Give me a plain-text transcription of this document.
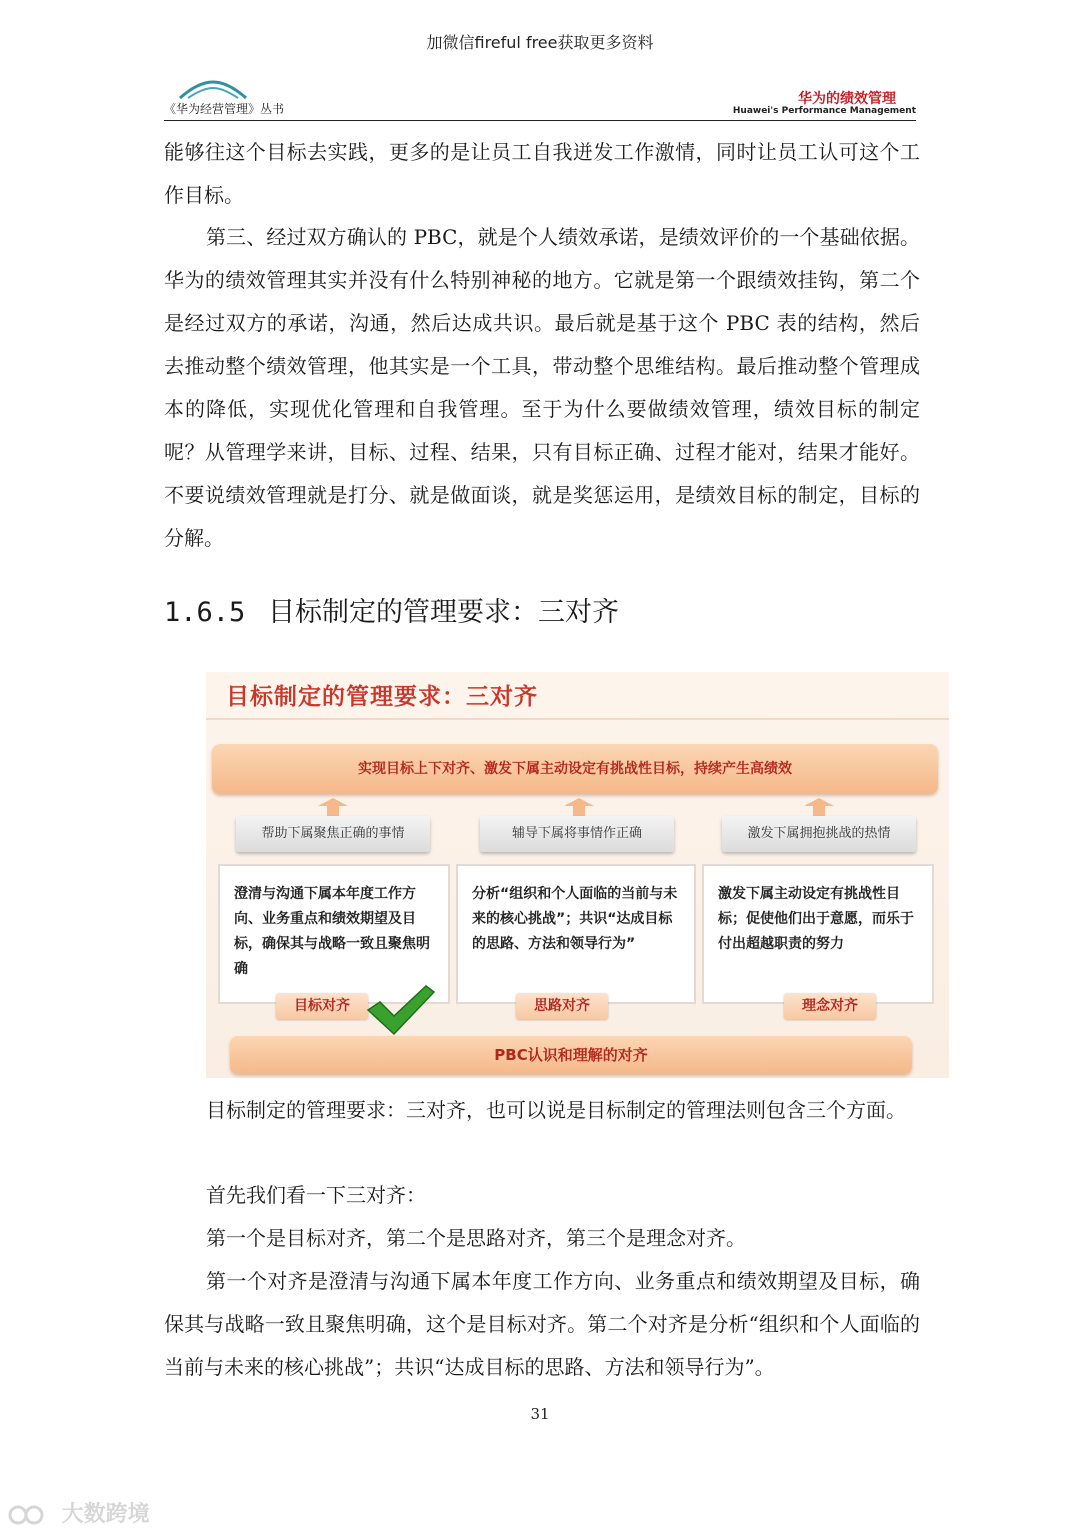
加微信fireful free获取更多资料
《华为经营管理》丛书
华为的绩效管理
Huawei's Performance Management

能够往这个目标去实践，更多的是让员工自我迸发工作激情，同时让员工认可这个工作目标。

第三、经过双方确认的 PBC，就是个人绩效承诺，是绩效评价的一个基础依据。华为的绩效管理其实并没有什么特别神秘的地方。它就是第一个跟绩效挂钩，第二个是经过双方的承诺，沟通，然后达成共识。最后就是基于这个 PBC 表的结构，然后去推动整个绩效管理，他其实是一个工具，带动整个思维结构。最后推动整个管理成本的降低，实现优化管理和自我管理。至于为什么要做绩效管理，绩效目标的制定呢？从管理学来讲，目标、过程、结果，只有目标正确、过程才能对，结果才能好。不要说绩效管理就是打分、就是做面谈，就是奖惩运用，是绩效目标的制定，目标的分解。

1.6.5 目标制定的管理要求：三对齐
目标制定的管理要求：三对齐
实现目标上下对齐、激发下属主动设定有挑战性目标，持续产生高绩效
帮助下属聚焦正确的事情	辅导下属将事情作正确	激发下属拥抱挑战的热情
澄清与沟通下属本年度工作方向、业务重点和绩效期望及目标，确保其与战略一致且聚焦明确
分析“组织和个人面临的当前与未来的核心挑战”；共识“达成目标的思路、方法和领导行为”
激发下属主动设定有挑战性目标；促使他们出于意愿，而乐于付出超越职责的努力
目标对齐	思路对齐	理念对齐
PBC认识和理解的对齐

目标制定的管理要求：三对齐，也可以说是目标制定的管理法则包含三个方面。

首先我们看一下三对齐：

第一个是目标对齐，第二个是思路对齐，第三个是理念对齐。

第一个对齐是澄清与沟通下属本年度工作方向、业务重点和绩效期望及目标，确保其与战略一致且聚焦明确，这个是目标对齐。第二个对齐是分析“组织和个人面临的当前与未来的核心挑战”；共识“达成目标的思路、方法和领导行为”。

31
大数跨境
